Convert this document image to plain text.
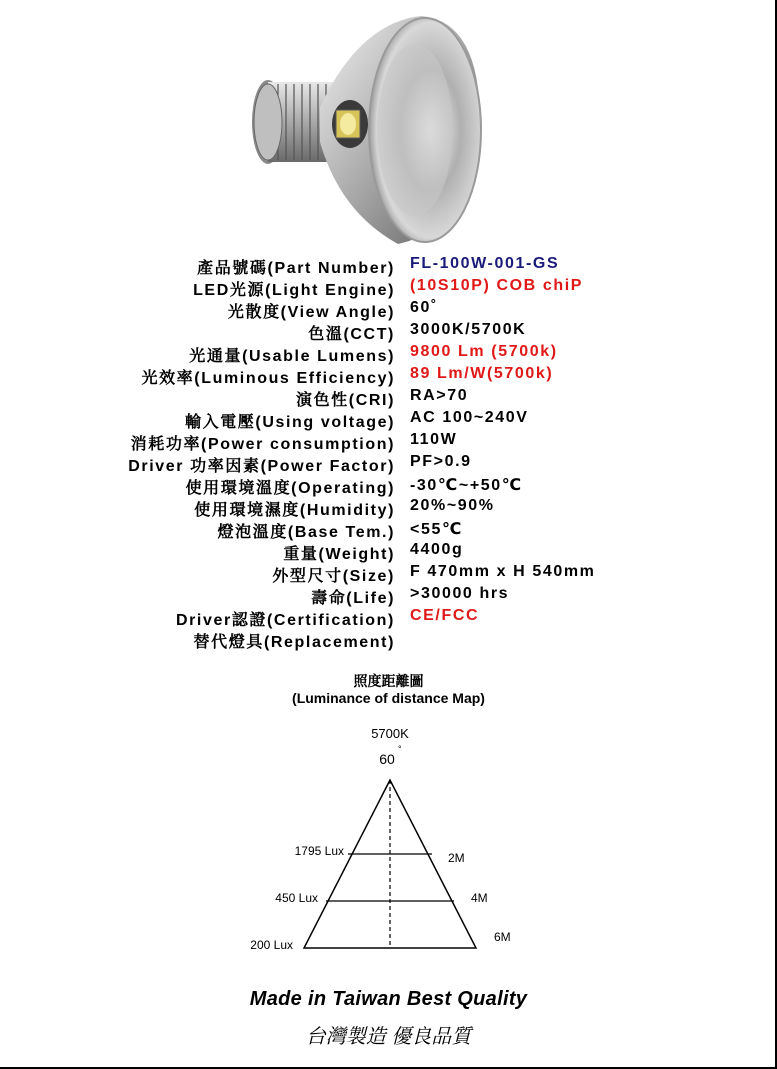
產品號碼(Part Number) FL-100W-001-GS
LED光源(Light Engine) (10S10P) COB chiP
光散度(View Angle) 60˚
色溫(CCT) 3000K/5700K
光通量(Usable Lumens) 9800 Lm (5700k)
光效率(Luminous Efficiency) 89 Lm/W(5700k)
演色性(CRI) RA>70
輸入電壓(Using voltage) AC 100~240V
消耗功率(Power consumption) 110W
Driver 功率因素(Power Factor) PF>0.9
使用環境溫度(Operating) -30℃~+50℃
使用環境濕度(Humidity) 20%~90%
燈泡溫度(Base Tem.) <55℃
重量(Weight) 4400g
外型尺寸(Size) F 470mm x H 540mm
壽命(Life) >30000 hrs
Driver認證(Certification) CE/FCC
替代燈具(Replacement)
照度距離圖
(Luminance of distance Map)
5700K
60
°
1795 Lux
450 Lux
200 Lux
2M
4M
6M
Made in Taiwan Best Quality
台灣製造 優良品質
